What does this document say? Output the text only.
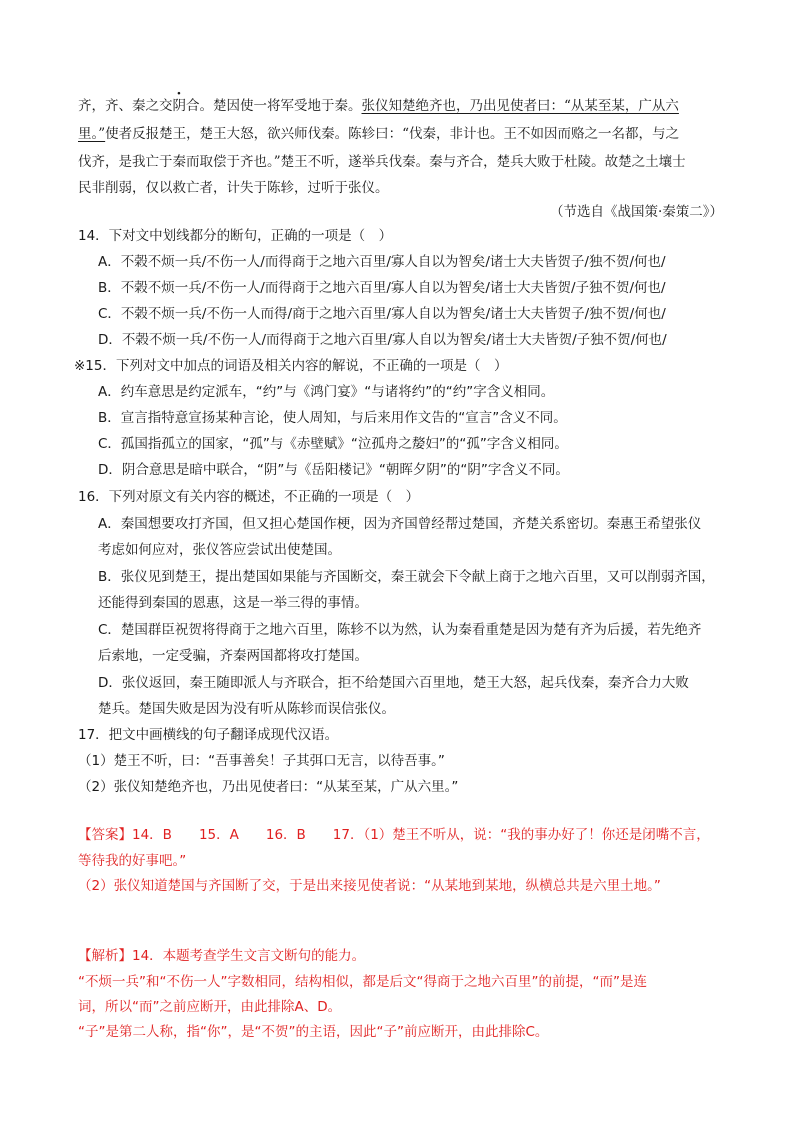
齐，齐、秦之交阴合。楚因使一将军受地于秦。张仪知楚绝齐也，乃出见使者曰：“从某至某，广从六
里。”使者反报楚王，楚王大怒，欲兴师伐秦。陈轸曰：“伐秦，非计也。王不如因而赂之一名都，与之
伐齐，是我亡于秦而取偿于齐也。”楚王不听，遂举兵伐秦。秦与齐合，楚兵大败于杜陵。故楚之土壤士
民非削弱，仅以救亡者，计失于陈轸，过听于张仪。
（节选自《战国策·秦策二》）
14．下对文中划线都分的断句，正确的一项是（　）
A．不榖不烦一兵/不伤一人/而得商于之地六百里/寡人自以为智矣/诸士大夫皆贺子/独不贺/何也/
B．不榖不烦一兵/不伤一人/而得商于之地六百里/寡人自以为智矣/诸士大夫皆贺/子独不贺/何也/
C．不榖不烦一兵/不伤一人而得/商于之地六百里/寡人自以为智矣/诸士大夫皆贺子/独不贺/何也/
D．不榖不烦一兵/不伤一人/而得商于之地六百里/寡人自以为智矣/诸士大夫皆贺/子独不贺/何也/
※15．下列对文中加点的词语及相关内容的解说，不正确的一项是（　）
A．约车意思是约定派车，“约”与《鸿门宴》“与诸将约”的“约”字含义相同。
B．宣言指特意宣扬某种言论，使人周知，与后来用作文告的“宣言”含义不同。
C．孤国指孤立的国家，“孤”与《赤壁赋》“泣孤舟之嫠妇”的“孤”字含义相同。
D．阴合意思是暗中联合，“阴”与《岳阳楼记》“朝晖夕阴”的“阴”字含义不同。
16．下列对原文有关内容的概述，不正确的一项是（　）
A．秦国想要攻打齐国，但又担心楚国作梗，因为齐国曾经帮过楚国，齐楚关系密切。秦惠王希望张仪
考虑如何应对，张仪答应尝试出使楚国。
B．张仪见到楚王，提出楚国如果能与齐国断交，秦王就会下令献上商于之地六百里，又可以削弱齐国，
还能得到秦国的恩惠，这是一举三得的事情。
C．楚国群臣祝贺将得商于之地六百里，陈轸不以为然，认为秦看重楚是因为楚有齐为后援，若先绝齐
后索地，一定受骗，齐秦两国都将攻打楚国。
D．张仪返回，秦王随即派人与齐联合，拒不给楚国六百里地，楚王大怒，起兵伐秦，秦齐合力大败
楚兵。楚国失败是因为没有听从陈轸而误信张仪。
17．把文中画横线的句子翻译成现代汉语。
（1）楚王不听，曰：“吾事善矣！子其弭口无言，以待吾事。”
（2）张仪知楚绝齐也，乃出见使者曰：“从某至某，广从六里。”
【答案】14．B　　15．A　　16．B　　17．（1）楚王不听从，说：“我的事办好了！你还是闭嘴不言，
等待我的好事吧。”
（2）张仪知道楚国与齐国断了交，于是出来接见使者说：“从某地到某地，纵横总共是六里土地。”
【解析】14．本题考查学生文言文断句的能力。
“不烦一兵”和“不伤一人”字数相同，结构相似，都是后文“得商于之地六百里”的前提，“而”是连
词，所以“而”之前应断开，由此排除A、D。
“子”是第二人称，指“你”，是“不贺”的主语，因此“子”前应断开，由此排除C。
